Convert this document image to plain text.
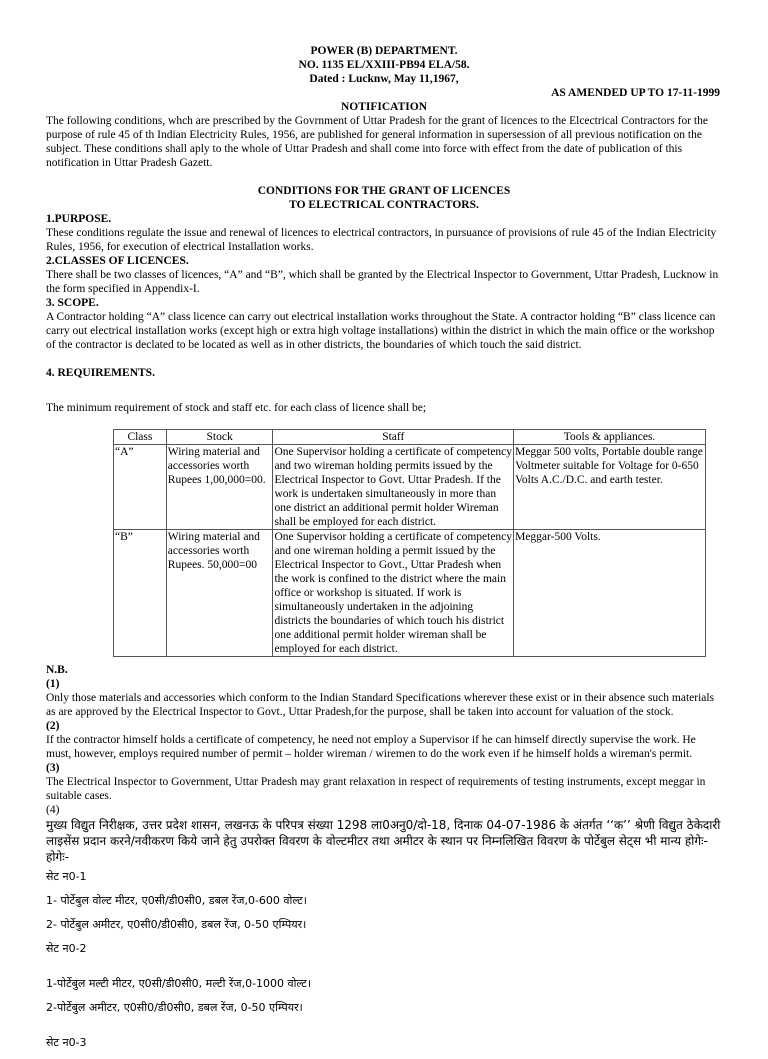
POWER (B) DEPARTMENT.

NO. 1135 EL/XXIII-PB94 ELA/58.

Dated : Lucknw, May 11,1967,

AS AMENDED UP TO 17-11-1999

NOTIFICATION

The following conditions, whch are prescribed by the Govrnment of Uttar Pradesh for the grant of licences to the Elcectrical Contractors for the purpose of rule 45 of th Indian Electricity Rules, 1956, are published for general information in supersession of all previous notification on the subject. These conditions shall aply to the whole of Uttar Pradesh and shall come into force with effect from the date of publication of this notification in Uttar Pradesh Gazett.

CONDITIONS FOR THE GRANT OF LICENCES

TO ELECTRICAL CONTRACTORS.

1.PURPOSE.

These conditions regulate the issue and renewal of licences to electrical contractors, in pursuance of provisions of rule 45 of the Indian Electricity Rules, 1956, for execution of electrical Installation works.

2.CLASSES OF LICENCES.

There shall be two classes of licences, “A” and “B”, which shall be granted by the Electrical Inspector to Government, Uttar Pradesh, Lucknow in the form specified in Appendix-I.

3. SCOPE.

A Contractor holding “A” class licence can carry out electrical installation works throughout the State. A contractor holding “B” class licence can carry out electrical installation works (except high or extra high voltage installations) within the district in which the main office or the workshop of the contractor is declated to be located as well as in other districts, the boundaries of which touch the said district.

4. REQUIREMENTS.

The minimum requirement of stock and staff etc. for each class of licence shall be;

Class	Stock	Staff	Tools & appliances.
“A”	Wiring material and accessories worth Rupees 1,00,000=00.	One Supervisor holding a certificate of competency and two wireman holding permits issued by the Electrical Inspector to Govt. Uttar Pradesh. If the work is undertaken simultaneously in more than one district an additional permit holder Wireman shall be employed for each district.	Meggar 500 volts, Portable double range Voltmeter suitable for Voltage for 0-650 Volts A.C./D.C. and earth tester.
“B”	Wiring material and accessories worth Rupees. 50,000=00	One Supervisor holding a certificate of competency and one wireman holding a permit issued by the Electrical Inspector to Govt., Uttar Pradesh when the work is confined to the district where the main office or workshop is situated. If work is simultaneously undertaken in the adjoining districts the boundaries of which touch his district one additional permit holder wireman shall be employed for each district.	Meggar-500 Volts.

N.B.

(1)

Only those materials and accessories which conform to the Indian Standard Specifications wherever these exist or in their absence such materials as are approved by the Electrical Inspector to Govt., Uttar Pradesh,for the purpose, shall be taken into account for valuation of the stock.

(2)

If the contractor himself holds a certificate of competency, he need not employ a Supervisor if he can himself directly supervise the work. He must, however, employs required number of permit – holder wireman / wiremen to do the work even if he himself holds a wireman's permit.

(3)

The Electrical Inspector to Government, Uttar Pradesh may grant relaxation in respect of requirements of testing instruments, except meggar in suitable cases.

(4)

मुख्य विद्युत निरीक्षक, उत्तर प्रदेश शासन, लखनऊ के परिपत्र संख्या 1298 ला0अनु0/दो-18, दिनाक 04-07-1986 के अंतर्गत ‘‘क’’ श्रेणी विद्युत ठेकेदारी लाइसेंस प्रदान करने/नवीकरण किये जाने हेतु उपरोक्त विवरण के वोल्टमीटर तथा अमीटर के स्थान पर निम्नलिखित विवरण के पोर्टेबुल सेट्स भी मान्य होगेः- होगेः-

सेट न0-1

1- पोर्टेबुल वोल्ट मीटर, ए0सी/डी0सी0, डबल रेंज,0-600 वोल्ट।

2- पोर्टेबुल अमीटर, ए0सी0/डी0सी0, डबल रेंज, 0-50 एम्पियर।

सेट न0-2

1-पोर्टेबुल मल्टी मीटर, ए0सी/डी0सी0, मल्टी रेंज,0-1000 वोल्ट।

2-पोर्टेबुल अमीटर, ए0सी0/डी0सी0, डबल रेंज, 0-50 एम्पियर।

सेट न0-3
